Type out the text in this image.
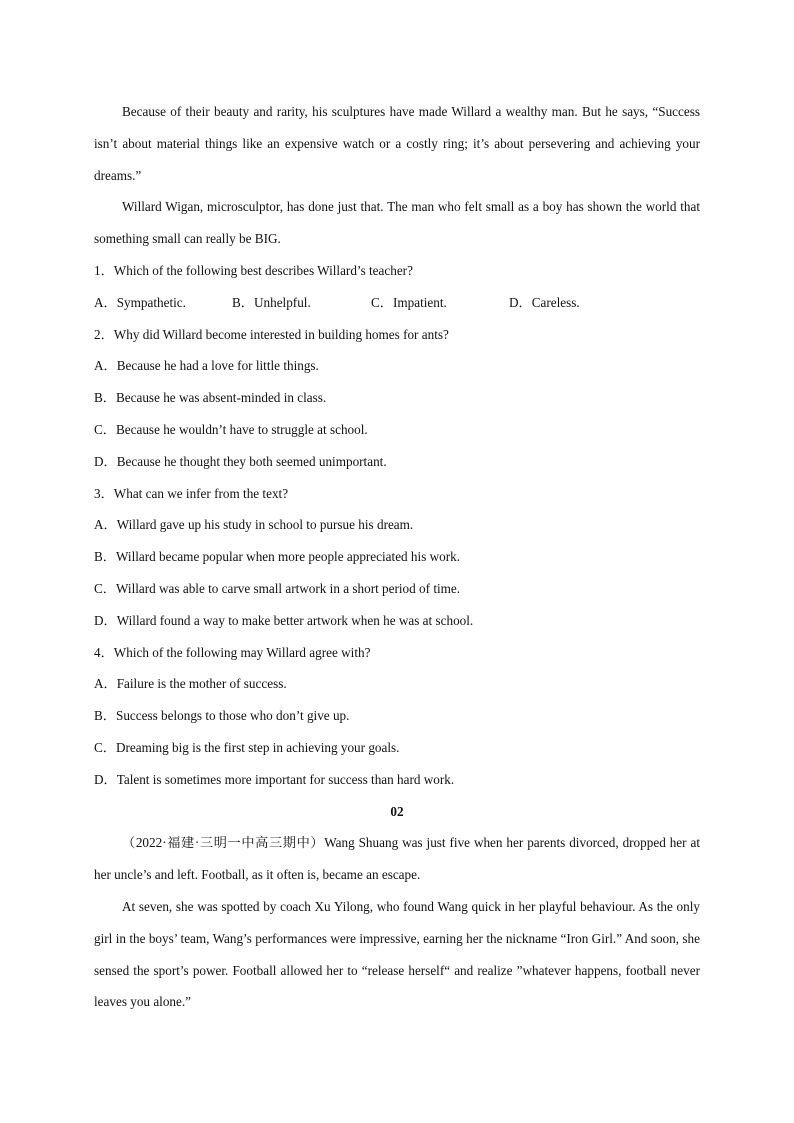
Because of their beauty and rarity, his sculptures have made Willard a wealthy man. But he says, “Success isn’t about material things like an expensive watch or a costly ring; it’s about persevering and achieving your dreams.”

Willard Wigan, microsculptor, has done just that. The man who felt small as a boy has shown the world that something small can really be BIG.

1．Which of the following best describes Willard’s teacher?

A．Sympathetic.	B．Unhelpful.	C．Impatient.	D．Careless.

2．Why did Willard become interested in building homes for ants?

A．Because he had a love for little things.

B．Because he was absent-minded in class.

C．Because he wouldn’t have to struggle at school.

D．Because he thought they both seemed unimportant.

3．What can we infer from the text?

A．Willard gave up his study in school to pursue his dream.

B．Willard became popular when more people appreciated his work.

C．Willard was able to carve small artwork in a short period of time.

D．Willard found a way to make better artwork when he was at school.

4．Which of the following may Willard agree with?

A．Failure is the mother of success.

B．Success belongs to those who don’t give up.

C．Dreaming big is the first step in achieving your goals.

D．Talent is sometimes more important for success than hard work.

02

（2022·福建·三明一中高三期中）Wang Shuang was just five when her parents divorced, dropped her at her uncle’s and left. Football, as it often is, became an escape.

At seven, she was spotted by coach Xu Yilong, who found Wang quick in her playful behaviour. As the only girl in the boys’ team, Wang’s performances were impressive, earning her the nickname “Iron Girl.” And soon, she sensed the sport’s power. Football allowed her to “release herself“ and realize ”whatever happens, football never leaves you alone.”
